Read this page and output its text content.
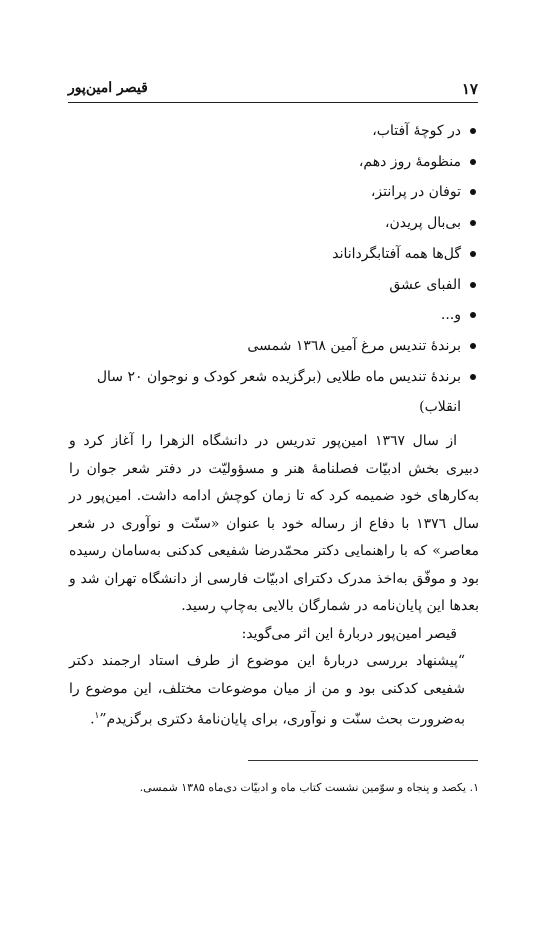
۱۷
قیصر امین‌پور
در کوچهٔ آفتاب،
منظومهٔ روز دهم،
توفان در پرانتز،
بی‌بال پریدن،
گل‌ها همه آفتابگرداناند
الفبای عشق
و...
برندهٔ تندیس مرغ آمین ۱۳٦۸ شمسی
برندهٔ تندیس ماه طلایی (برگزیده شعر کودک و نوجوان ۲۰ سال انقلاب)

از سال ۱۳٦۷ امین‌پور تدریس در دانشگاه الزهرا را آغاز کرد و دبیری بخش ادبیّات فصلنامهٔ هنر و مسؤولیّت در دفتر شعر جوان را به‌کارهای خود ضمیمه کرد که تا زمان کوچش ادامه داشت. امین‌پور در سال ۱۳٧٦ با دفاع از رساله خود با عنوان «سنّت و نوآوری در شعر معاصر» که با راهنمایی دکتر محمّدرضا شفیعی کدکنی به‌سامان رسیده بود و موفّق به‌اخذ مدرک دکترای ادبیّات فارسی از دانشگاه تهران شد و بعدها این پایان‌نامه در شمارگان بالایی به‌چاپ رسید.

قیصر امین‌پور دربارهٔ این اثر می‌گوید:

“پیشنهاد بررسی دربارهٔ این موضوع از طرف استاد ارجمند دکتر شفیعی کدکنی بود و من از میان موضوعات مختلف، این موضوع را به‌ضرورت بحث سنّت و نوآوری، برای پایان‌نامهٔ دکتری برگزیدم”$^۱$.

۱. یکصد و پنجاه و سوّمین نشست کتاب ماه و ادبیّات دی‌ماه ۱۳۸۵ شمسی.
